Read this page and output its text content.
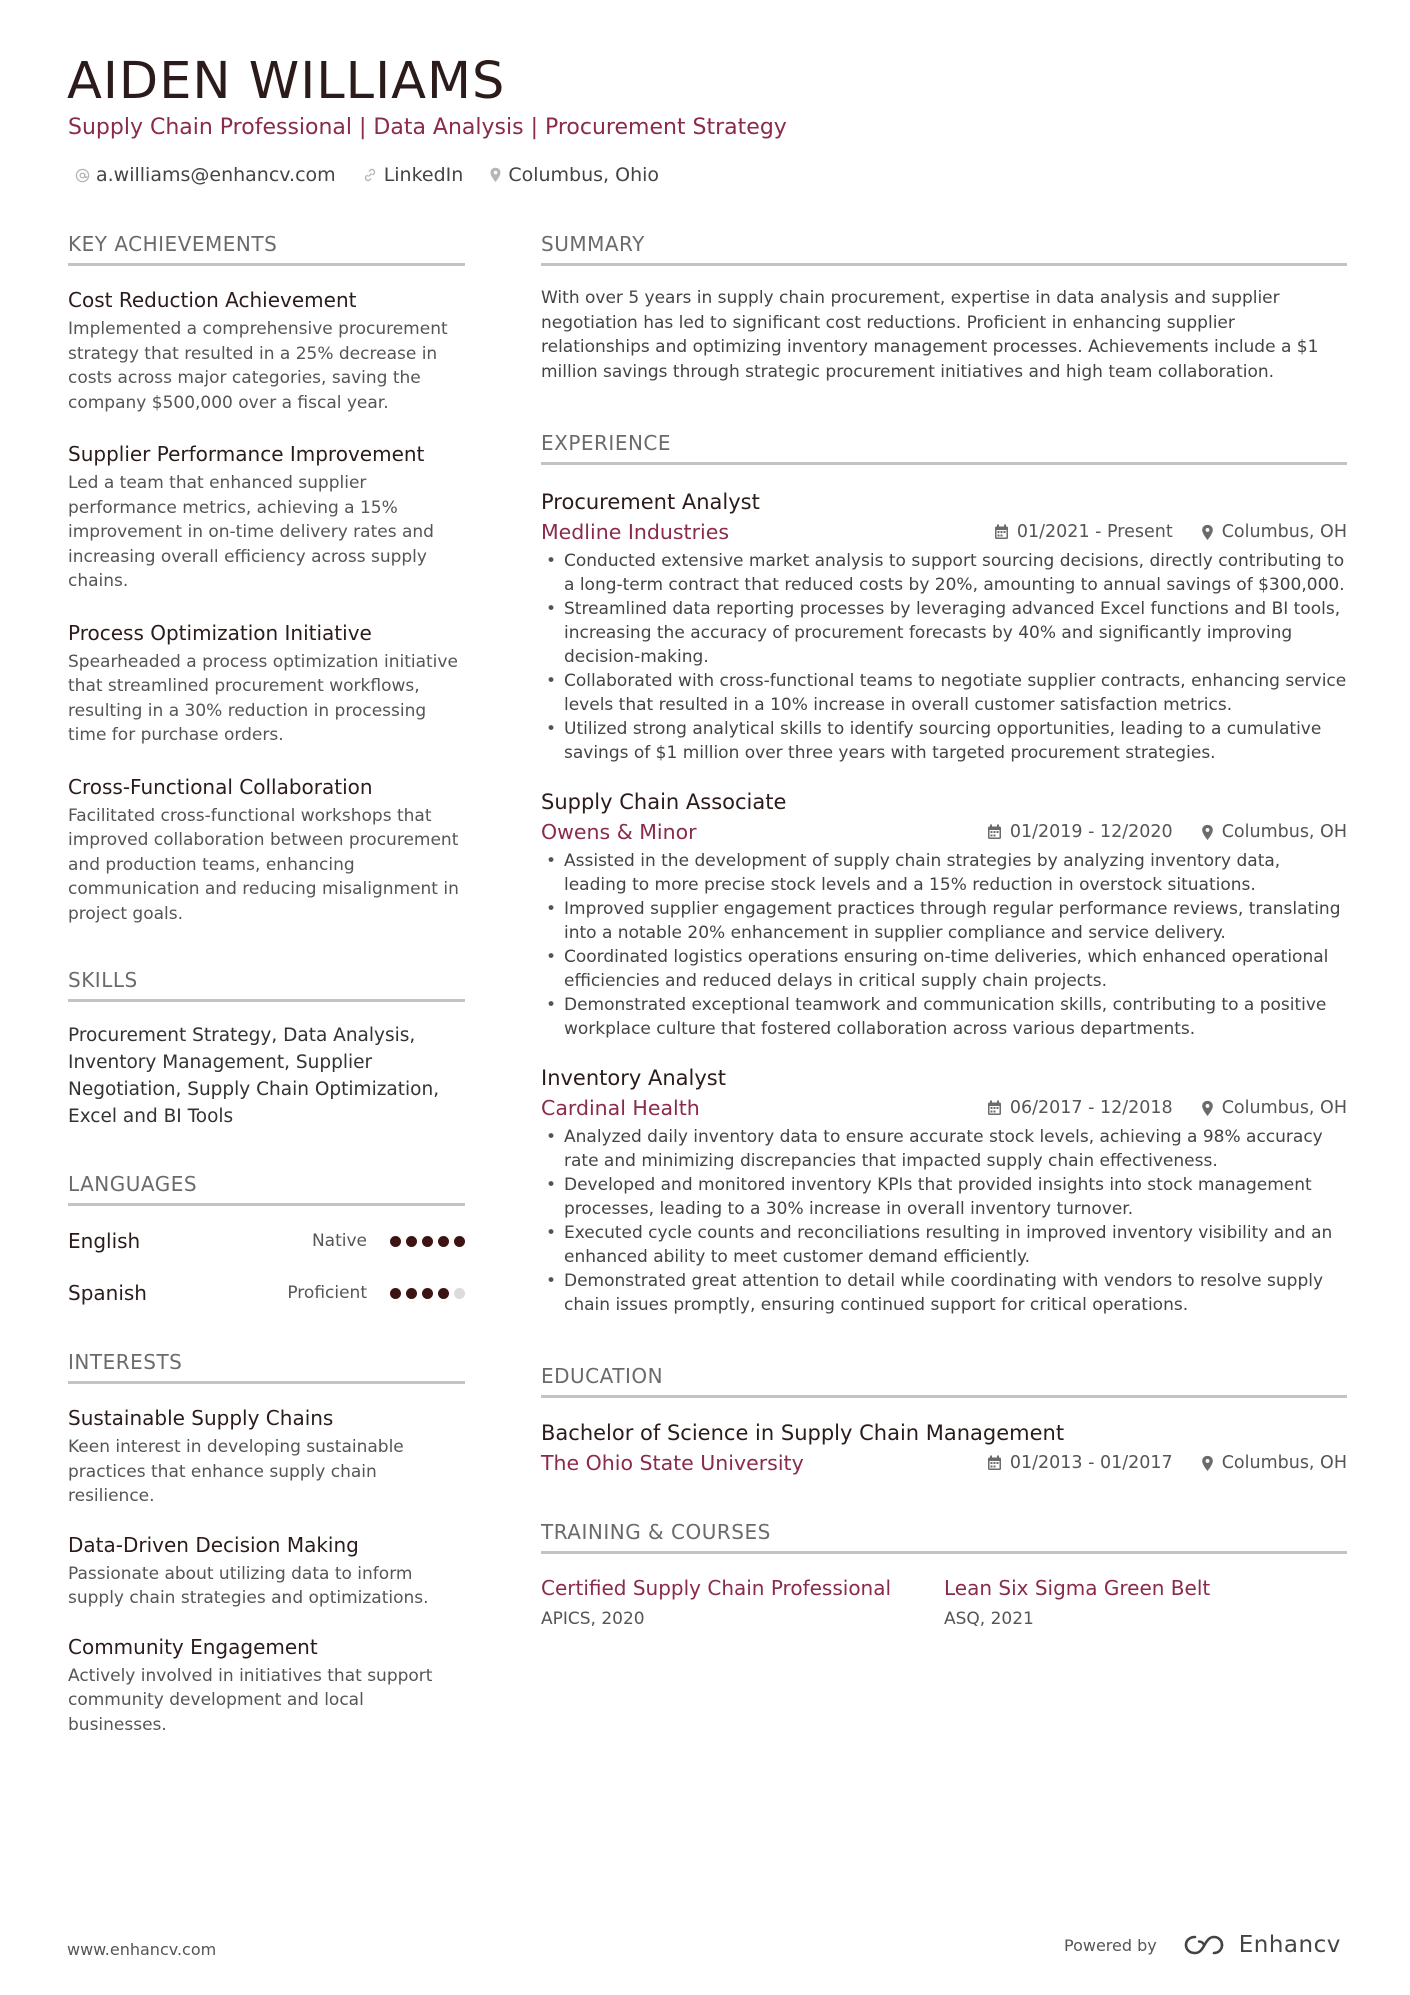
AIDEN WILLIAMS
Supply Chain Professional | Data Analysis | Procurement Strategy
a.williams@enhancv.com	LinkedIn Columbus, Ohio
KEY ACHIEVEMENTS
Cost Reduction Achievement
Implemented a comprehensive procurement strategy that resulted in a 25% decrease in costs across major categories, saving the company $500,000 over a fiscal year.
Supplier Performance Improvement
Led a team that enhanced supplier performance metrics, achieving a 15% improvement in on-time delivery rates and increasing overall efficiency across supply chains.
Process Optimization Initiative
Spearheaded a process optimization initiative that streamlined procurement workflows, resulting in a 30% reduction in processing time for purchase orders.
Cross-Functional Collaboration
Facilitated cross-functional workshops that improved collaboration between procurement and production teams, enhancing communication and reducing misalignment in project goals.
SKILLS
Procurement Strategy, Data Analysis, Inventory Management, Supplier Negotiation, Supply Chain Optimization, Excel and BI Tools
LANGUAGES
English	Native
Spanish	Proficient
INTERESTS
Sustainable Supply Chains
Keen interest in developing sustainable practices that enhance supply chain resilience.
Data-Driven Decision Making
Passionate about utilizing data to inform supply chain strategies and optimizations.
Community Engagement
Actively involved in initiatives that support community development and local businesses.
SUMMARY
With over 5 years in supply chain procurement, expertise in data analysis and supplier negotiation has led to significant cost reductions. Proficient in enhancing supplier relationships and optimizing inventory management processes. Achievements include a $1 million savings through strategic procurement initiatives and high team collaboration.
EXPERIENCE
Procurement Analyst
Medline Industries	01/2021 - Present	Columbus, OH
• Conducted extensive market analysis to support sourcing decisions, directly contributing to a long-term contract that reduced costs by 20%, amounting to annual savings of $300,000.
• Streamlined data reporting processes by leveraging advanced Excel functions and BI tools, increasing the accuracy of procurement forecasts by 40% and significantly improving decision-making.
• Collaborated with cross-functional teams to negotiate supplier contracts, enhancing service levels that resulted in a 10% increase in overall customer satisfaction metrics.
• Utilized strong analytical skills to identify sourcing opportunities, leading to a cumulative savings of $1 million over three years with targeted procurement strategies.
Supply Chain Associate
Owens & Minor	01/2019 - 12/2020	Columbus, OH
• Assisted in the development of supply chain strategies by analyzing inventory data, leading to more precise stock levels and a 15% reduction in overstock situations.
• Improved supplier engagement practices through regular performance reviews, translating into a notable 20% enhancement in supplier compliance and service delivery.
• Coordinated logistics operations ensuring on-time deliveries, which enhanced operational efficiencies and reduced delays in critical supply chain projects.
• Demonstrated exceptional teamwork and communication skills, contributing to a positive workplace culture that fostered collaboration across various departments.
Inventory Analyst
Cardinal Health	06/2017 - 12/2018	Columbus, OH
• Analyzed daily inventory data to ensure accurate stock levels, achieving a 98% accuracy rate and minimizing discrepancies that impacted supply chain effectiveness.
• Developed and monitored inventory KPIs that provided insights into stock management processes, leading to a 30% increase in overall inventory turnover.
• Executed cycle counts and reconciliations resulting in improved inventory visibility and an enhanced ability to meet customer demand efficiently.
• Demonstrated great attention to detail while coordinating with vendors to resolve supply chain issues promptly, ensuring continued support for critical operations.
EDUCATION
Bachelor of Science in Supply Chain Management
The Ohio State University	01/2013 - 01/2017	Columbus, OH
TRAINING & COURSES
Certified Supply Chain Professional
APICS, 2020
Lean Six Sigma Green Belt
ASQ, 2021
www.enhancv.com	Powered by	Enhancv
